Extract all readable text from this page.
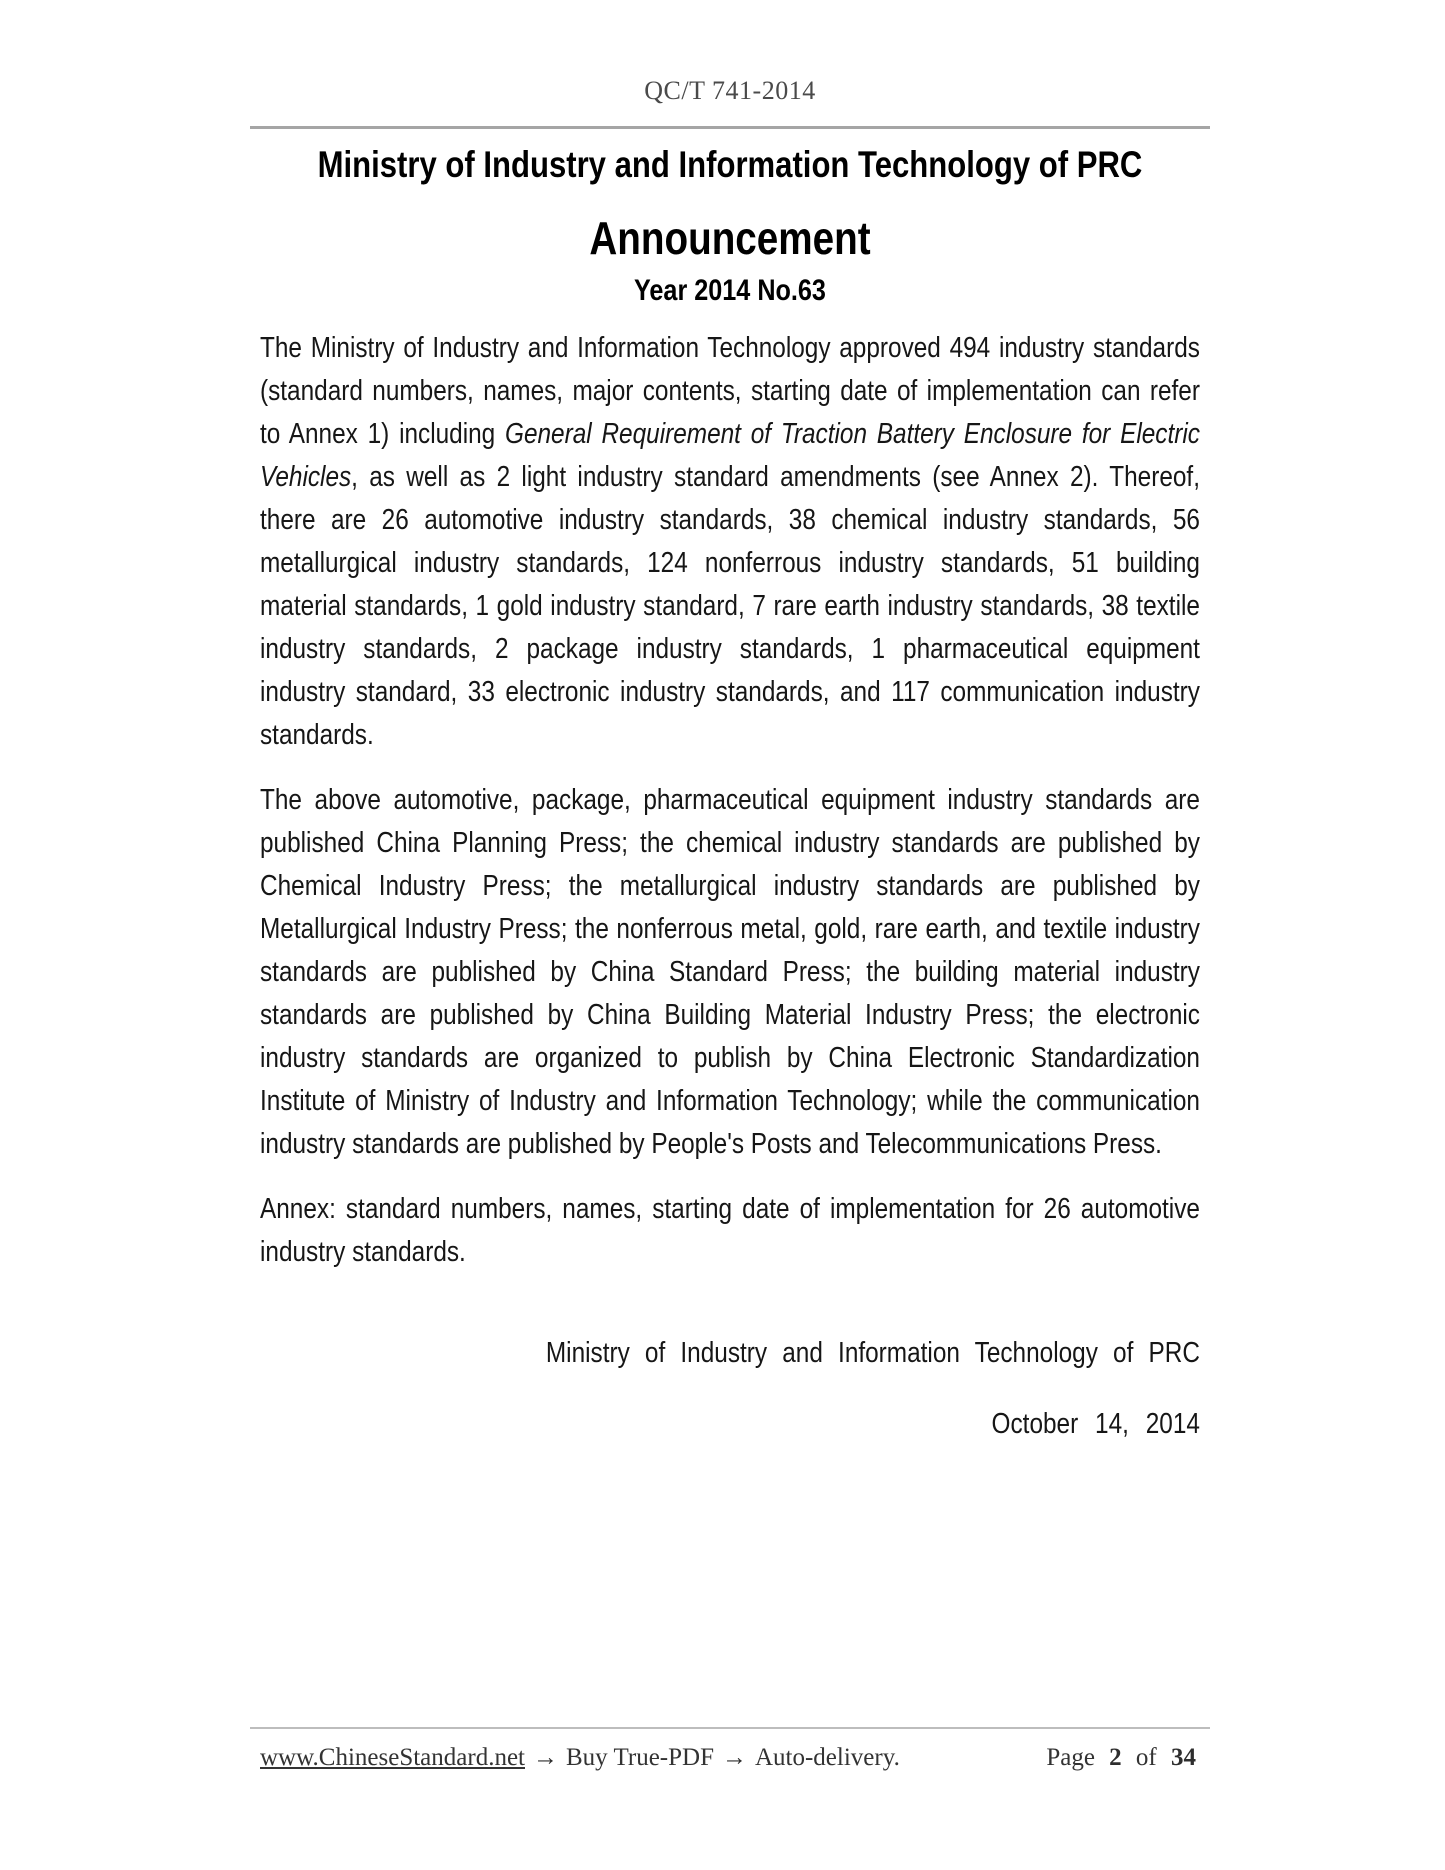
QC/T 741-2014
Ministry of Industry and Information Technology of PRC
Announcement
Year 2014 No.63

The Ministry of Industry and Information Technology approved 494 industry standards (standard numbers, names, major contents, starting date of implementation can refer to Annex 1) including General Requirement of Traction Battery Enclosure for Electric Vehicles, as well as 2 light industry standard amendments (see Annex 2). Thereof, there are 26 automotive industry standards, 38 chemical industry standards, 56 metallurgical industry standards, 124 nonferrous industry standards, 51 building material standards, 1 gold industry standard, 7 rare earth industry standards, 38 textile industry standards, 2 package industry standards, 1 pharmaceutical equipment industry standard, 33 electronic industry standards, and 117 communication industry standards.

The above automotive, package, pharmaceutical equipment industry standards are published China Planning Press; the chemical industry standards are published by Chemical Industry Press; the metallurgical industry standards are published by Metallurgical Industry Press; the nonferrous metal, gold, rare earth, and textile industry standards are published by China Standard Press; the building material industry standards are published by China Building Material Industry Press; the electronic industry standards are organized to publish by China Electronic Standardization Institute of Ministry of Industry and Information Technology; while the communication industry standards are published by People's Posts and Telecommunications Press.

Annex: standard numbers, names, starting date of implementation for 26 automotive industry standards.

Ministry of Industry and Information Technology of PRC
October 14, 2014
www.ChineseStandard.net → Buy True-PDF → Auto-delivery.	Page 2 of 34
